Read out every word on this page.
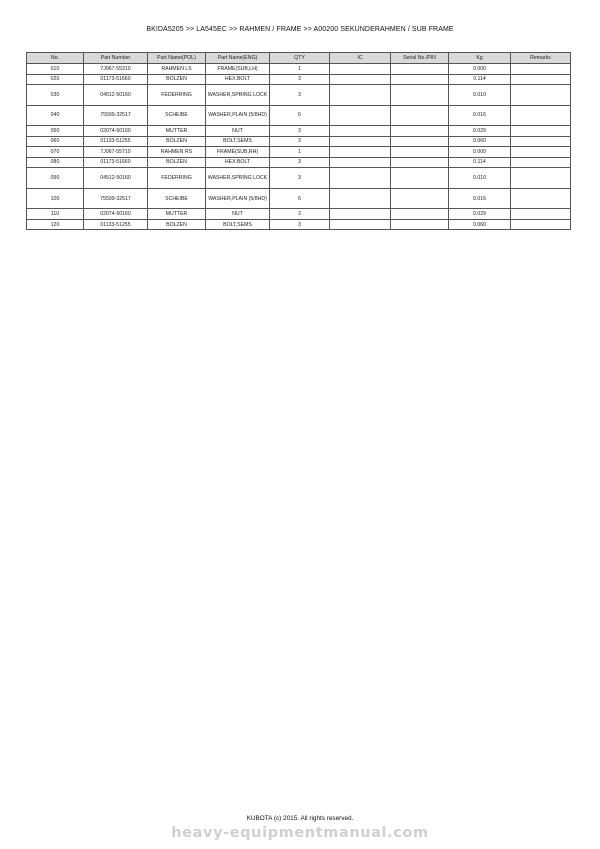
BK!DA5205 >> LA545EC >> RAHMEN / FRAME >> A00200 SEKUNDERAHMEN / SUB FRAME
No.	Part Number	Part Name(POL)	Part Name(ENG)	QTY	IC	Serial No./PIN	Kg	Remarks
010	7J067-55310	RAHMEN LS	FRAME(SUB,LH)	1			0.000	
020	01173-51660	BOLZEN	HEX.BOLT	3			0.114	
030	04512-50160	FEDERRING	WASHER,SPRING LOCK	3			0.010	
040	75599-32517	SCHEIBE	WASHER,PLAIN (5/8HD)	6			0.016	
050	02074-50160	MUTTER	NUT	3			0.029	
060	01133-51255	BOLZEN	BOLT,SEMS	3			0.060	
070	7J067-55710	RAHMEN RS	FRAME(SUB,RH)	1			0.000	
080	01173-51660	BOLZEN	HEX.BOLT	3			0.114	
090	04512-50160	FEDERRING	WASHER,SPRING LOCK	3			0.010	
100	75599-32517	SCHEIBE	WASHER,PLAIN (5/8HD)	6			0.016	
110	02074-50160	MUTTER	NUT	3			0.029	
120	01133-51255	BOLZEN	BOLT,SEMS	3			0.060	
KUBOTA (c) 2015. All rights reserved.
heavy-equipmentmanual.com
